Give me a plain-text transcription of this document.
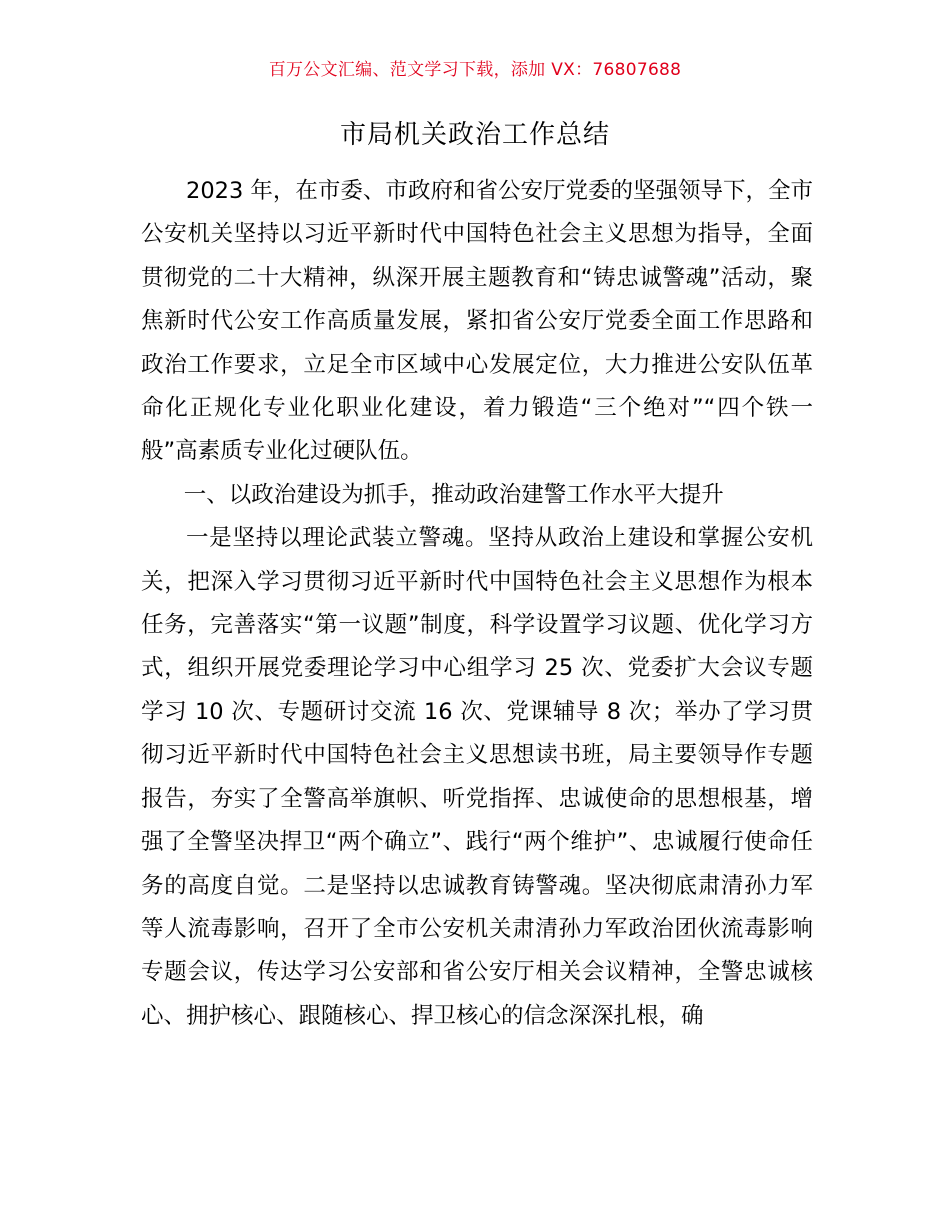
百万公文汇编、范文学习下载，添加 VX：76807688
市局机关政治工作总结

2023 年，在市委、市政府和省公安厅党委的坚强领导下，全市公安机关坚持以习近平新时代中国特色社会主义思想为指导，全面贯彻党的二十大精神，纵深开展主题教育和“铸忠诚警魂”活动，聚焦新时代公安工作高质量发展，紧扣省公安厅党委全面工作思路和政治工作要求，立足全市区域中心发展定位，大力推进公安队伍革命化正规化专业化职业化建设，着力锻造“三个绝对”“四个铁一般”高素质专业化过硬队伍。

一、以政治建设为抓手，推动政治建警工作水平大提升

一是坚持以理论武装立警魂。坚持从政治上建设和掌握公安机关，把深入学习贯彻习近平新时代中国特色社会主义思想作为根本任务，完善落实“第一议题”制度，科学设置学习议题、优化学习方式，组织开展党委理论学习中心组学习 25 次、党委扩大会议专题学习 10 次、专题研讨交流 16 次、党课辅导 8 次；举办了学习贯彻习近平新时代中国特色社会主义思想读书班，局主要领导作专题报告，夯实了全警高举旗帜、听党指挥、忠诚使命的思想根基，增强了全警坚决捍卫“两个确立”、践行“两个维护”、忠诚履行使命任务的高度自觉。二是坚持以忠诚教育铸警魂。坚决彻底肃清孙力军等人流毒影响，召开了全市公安机关肃清孙力军政治团伙流毒影响专题会议，传达学习公安部和省公安厅相关会议精神，全警忠诚核心、拥护核心、跟随核心、捍卫核心的信念深深扎根，确
